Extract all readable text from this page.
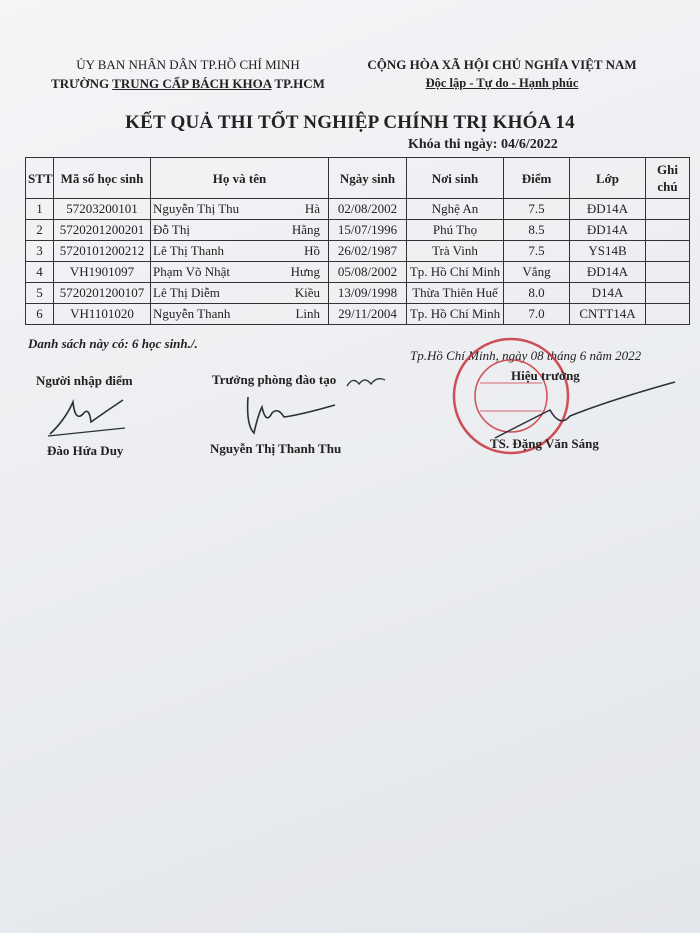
ỦY BAN NHÂN DÂN TP.HỒ CHÍ MINH
TRƯỜNG TRUNG CẤP BÁCH KHOA TP.HCM
CỘNG HÒA XÃ HỘI CHỦ NGHĨA VIỆT NAM
Độc lập - Tự do - Hạnh phúc
KẾT QUẢ THI TỐT NGHIỆP CHÍNH TRỊ KHÓA 14
Khóa thi ngày: 04/6/2022
STT	Mã số học sinh	Họ và tên	Ngày sinh	Nơi sinh	Điểm	Lớp	Ghi chú
1	57203200101	Nguyễn Thị Thu Hà	02/08/2002	Nghệ An	7.5	ĐD14A	
2	5720201200201	Đỗ Thị Hằng	15/07/1996	Phú Thọ	8.5	ĐD14A	
3	5720101200212	Lê Thị Thanh Hồ	26/02/1987	Trà Vinh	7.5	YS14B	
4	VH1901097	Phạm Võ Nhật Hưng	05/08/2002	Tp. Hồ Chí Minh	Vắng	ĐD14A	
5	5720201200107	Lê Thị Diễm Kiều	13/09/1998	Thừa Thiên Huế	8.0	D14A	
6	VH1101020	Nguyễn Thanh Linh	29/11/2004	Tp. Hồ Chí Minh	7.0	CNTT14A	
Danh sách này có: 6 học sinh./.
Tp.Hồ Chí Minh, ngày 08 tháng 6 năm 2022
Người nhập điểm
Đào Hứa Duy
Trưởng phòng đào tạo
Nguyễn Thị Thanh Thu
Hiệu trưởng
TS. Đặng Văn Sáng
